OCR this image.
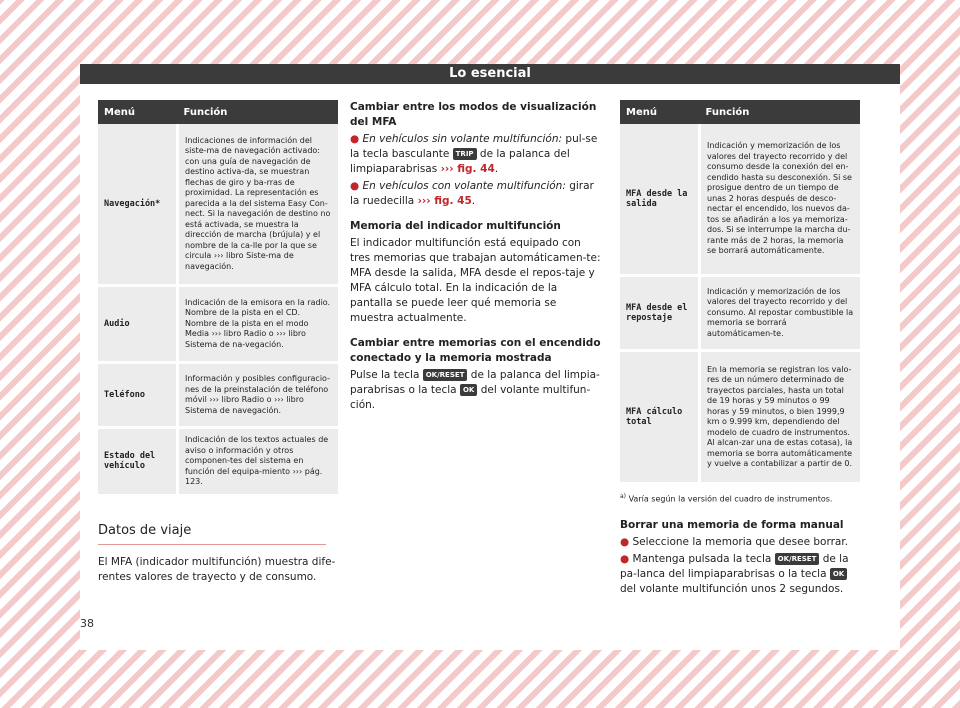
Lo esencial
Menú	Función
Navegación*	Indicaciones de información del siste-ma de navegación activado: con una guía de navegación de destino activa-da, se muestran flechas de giro y ba-rras de proximidad. La representación es parecida a la del sistema Easy Con-nect. Si la navegación de destino no está activada, se muestra la dirección de marcha (brújula) y el nombre de la ca-lle por la que se circula ››› libro Siste-ma de navegación.
Audio	Indicación de la emisora en la radio. Nombre de la pista en el CD. Nombre de la pista en el modo Media ››› libro Radio o ››› libro Sistema de na-vegación.
Teléfono	Información y posibles configuracio-nes de la preinstalación de teléfono móvil ››› libro Radio o ››› libro Sistema de navegación.
Estado del vehículo	Indicación de los textos actuales de aviso o información y otros componen-tes del sistema en función del equipa-miento ››› pág. 123.
Datos de viaje

El MFA (indicador multifunción) muestra dife-rentes valores de trayecto y de consumo.

Cambiar entre los modos de visualización del MFA

● En vehículos sin volante multifunción: pul-se la tecla basculante TRIP de la palanca del limpiaparabrisas ››› fig. 44.

● En vehículos con volante multifunción: girar la ruedecilla ››› fig. 45.

Memoria del indicador multifunción

El indicador multifunción está equipado con tres memorias que trabajan automáticamen-te: MFA desde la salida, MFA desde el repos-taje y MFA cálculo total. En la indicación de la pantalla se puede leer qué memoria se muestra actualmente.

Cambiar entre memorias con el encendido conectado y la memoria mostrada

Pulse la tecla OK/RESET de la palanca del limpia-parabrisas o la tecla OK del volante multifun-ción.

Menú	Función
MFA desde la salida	Indicación y memorización de los valores del trayecto recorrido y del consumo desde la conexión del en-cendido hasta su desconexión. Si se prosigue dentro de un tiempo de unas 2 horas después de desco-nectar el encendido, los nuevos da-tos se añadirán a los ya memoriza-dos. Si se interrumpe la marcha du-rante más de 2 horas, la memoria se borrará automáticamente.
MFA desde el repostaje	Indicación y memorización de los valores del trayecto recorrido y del consumo. Al repostar combustible la memoria se borrará automáticamen-te.
MFA cálculo total	En la memoria se registran los valo-res de un número determinado de trayectos parciales, hasta un total de 19 horas y 59 minutos o 99 horas y 59 minutos, o bien 1999,9 km o 9.999 km, dependiendo del modelo de cuadro de instrumentos. Al alcan-zar una de estas cotasa), la memoria se borra automáticamente y vuelve a contabilizar a partir de 0.
$^{a)}$ Varía según la versión del cuadro de instrumentos.

Borrar una memoria de forma manual

● Seleccione la memoria que desee borrar.

● Mantenga pulsada la tecla OK/RESET de la pa-lanca del limpiaparabrisas o la tecla OK del volante multifunción unos 2 segundos.

38
